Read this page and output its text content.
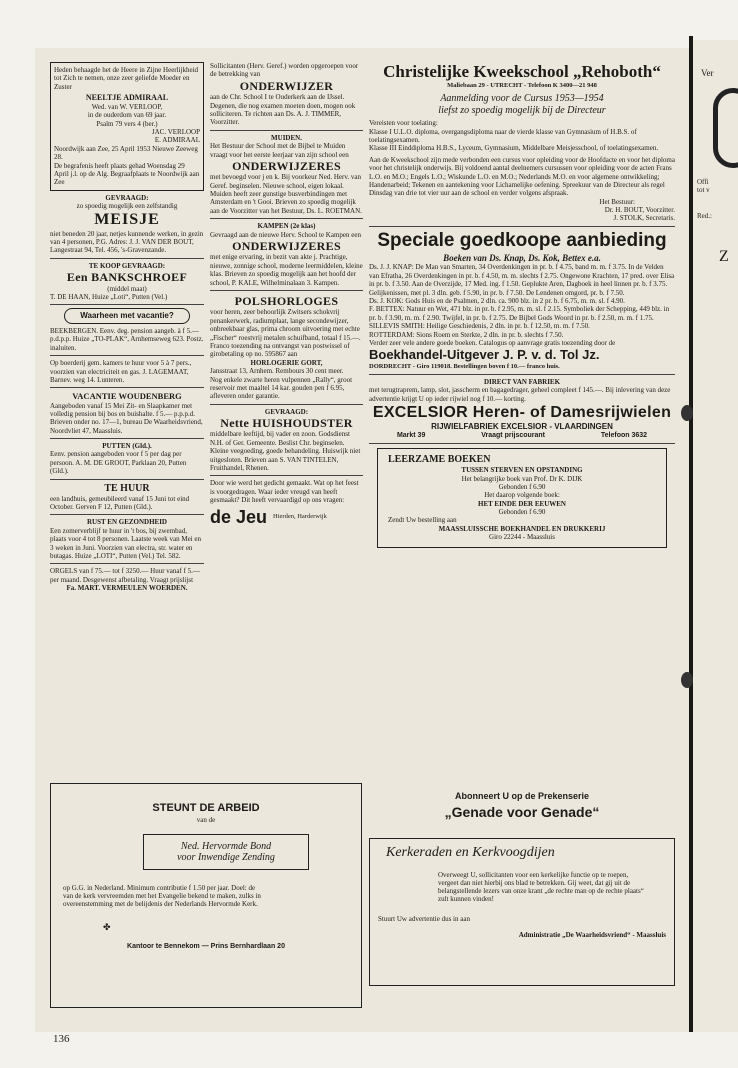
Heden behaagde het de Heere in Zijne Heerlijkheid tot Zich te nemen, onze zeer geliefde Moeder en Zuster
NEELTJE ADMIRAAL
Wed. van W. VERLOOP,
in de ouderdom van 69 jaar.
Psalm 79 vers 4 (ber.)
JAC. VERLOOP
E. ADMIRAAL
Noordwijk aan Zee, 25 April 1953 Nieuwe Zeeweg 28.
De begrafenis heeft plaats gehad Woensdag 29 April j.l. op de Alg. Begraafplaats te Noordwijk aan Zee
GEVRAAGD:
zo spoedig mogelijk een zelfstandig
MEISJE
niet beneden 20 jaar, netjes kunnende werken, in gezin van 4 personen, P.G. Adres: J. J. VAN DER BOUT, Langestraat 94, Tel. 456, 's-Gravenzande.
TE KOOP GEVRAAGD:
Een BANKSCHROEF
(middel maat)
T. DE HAAN, Huize „Loti“, Putten (Vel.)
Waarheen met vacantie?
BEEKBERGEN. Eenv. deg. pension aangeb. à f 5.— p.d.p.p. Huize „TO-PLAK“, Arnhemseweg 623. Postz. inaluiten.
Op boerderij gem. kamers te huur voor 5 à 7 pers., voorzien van electriciteit en gas. J. LAGEMAAT, Barnev. weg 14. Lunteren.
VACANTIE WOUDENBERG
Aangeboden vanaf 15 Mei Zit- en Slaapkamer met volledig pension bij bos en buishalte. f 5.— p.p.p.d. Brieven onder no. 17—1, bureau De Waarheidsvriend, Noordvliet 47, Maassluis.
PUTTEN (Gld.).
Eenv. pension aangeboden voor f 5 per dag per persoon. A. M. DE GROOT, Parklaan 20, Putten (Gld.).
TE HUUR
een landhuis, gemeubileerd vanaf 15 Juni tot eind October. Gerven F 12, Putten (Gld.).
RUST EN GEZONDHEID
Een zomerverblijf te huur in 't bos, bij zwembad, plaats voor 4 tot 8 personen. Laatste week van Mei en 3 weken in Juni. Voorzien van electra, str. water en butagas. Huize „LOTI“, Putten (Vel.) Tel. 582.
ORGELS van f 75.— tot f 3250.— Huur vanaf f 5.— per maand. Desgewenst afbetaling. Vraagt prijslijst
Fa. MART. VERMEULEN WOERDEN.
Sollicitanten (Herv. Geref.) worden opgeroepen voor de betrekking van
ONDERWIJZER
aan de Chr. School I te Ouderkerk aan de IJssel. Degenen, die nog examen moeten doen, mogen ook solliciteren. Te richten aan Ds. A. J. TIMMER, Voorzitter.
MUIDEN.
Het Bestuur der School met de Bijbel te Muiden vraagt voor het eerste leerjaar van zijn school een
ONDERWIJZERES
met bevoegd voor j en k. Bij voorkeur Ned. Herv. van Geref. beginselen. Nieuwe school, eigen lokaal. Muiden heeft zeer gunstige busverbindingen met Amsterdam en 't Gooi. Brieven zo spoedig mogelijk aan de Voorzitter van het Bestuur, Ds. L. ROETMAN.
KAMPEN (2e klas)
Gevraagd aan de nieuwe Herv. School te Kampen een
ONDERWIJZERES
met enige ervaring, in bezit van akte j. Prachtige, nieuwe, zonnige school, moderne leermiddelen, kleine klas. Brieven zo spoedig mogelijk aan het hoofd der school, P. KALE, Wilhelminalaan 3. Kampen.
POLSHORLOGES
voor heren, zeer behoorlijk Zwitsers schokvrij penankerwerk, radiumplaat, lange secondewijzer, onbreekbaar glas, prima chroom uitvoering met echte „Fischer“ roestvrij metalen schuifband, totaal f 15.—. Franco toezending na ontvangst van postwissel of girobetaling op no. 595867 aan
HORLOGERIE GORT,
Jansstraat 13, Arnhem. Rembours 30 cent meer.
Nog enkele zwarte heren vulpennen „Rally“, groot reservoir met maaltel 14 kar. gouden pen f 6.95, afleveren onder garantie.
GEVRAAGD:
Nette HUISHOUDSTER
middelbare leeftijd, bij vader en zoon. Godsdienst N.H. of Ger. Gemeente. Beslist Chr. beginselen. Kleine veegoeding, goede behandeling. Huiswijk niet uitgesloten. Brieven aan S. VAN TINTELEN, Fruithandel, Rhenen.
Door wie werd het gedicht gemaakt. Wat op het feest is voorgedragen. Waar ieder vreugd van heeft gesmaakt? Dit heeft vervaardigd op ons vragen:
de Jeu Hierden, Harderwijk
Christelijke Kweekschool „Rehoboth“
Maliebaan 29 - UTRECHT - Telefoon K 3400—21 948
Aanmelding voor de Cursus 1953—1954
liefst zo spoedig mogelijk bij de Directeur
Vereisten voor toelating:
Klasse I U.L.O. diploma, overgangsdiploma naar de vierde klasse van Gymnasium of H.B.S. of toelatingsexamen.
Klasse III Einddiploma H.B.S., Lyceum, Gymnasium, Middelbare Meisjesschool, of toelatingsexamen.
Aan de Kweekschool zijn mede verbonden een cursus voor opleiding voor de Hoofdacte en voor het diploma voor het christelijk onderwijs. Bij voldoend aantal deelnemers cursussen voor opleiding voor de acten Frans L.O. en M.O.; Engels L.O.; Wiskunde L.O. en M.O.; Nederlands M.O. en voor algemene ontwikkeling; Handenarbeid; Tekenen en aantekening voor Lichamelijke oefening. Spreekuur van de Directeur als regel Dinsdag van drie tot vier uur aan de school en verder volgens afspraak.
Het Bestuur:
Dr. H. BOUT, Voorzitter.
J. STOLK, Secretaris.
Speciale goedkoope aanbieding
Boeken van Ds. Knap, Ds. Kok, Bettex e.a.
Ds. J. J. KNAP: De Man van Smarten, 34 Overdenkingen in pr. b. f 4.75, band m. m. f 3.75. In de Velden van Efratha, 26 Overdenkingen in pr. b. f 4.50, m. m. slechts f 2.75. Ongewone Krachten, 17 pred. over Elisa in pr. b. f 3.50. Aan de Overzijde, 17 Med. ing. f 1.50. Geplukte Aren, Dagboek in heel linnen pr. b. f 3.75. Gelijkenissen, met pl. 3 dln. geb. f 5.90, in pr. b. f 7.50. De Lendenen omgord, pr. b. f 7.50.
Ds. J. KOK: Gods Huis en de Psalmen, 2 dln. ca. 900 blz. in 2 pr. b. f 6.75, m. m. sl. f 4.90.
F. BETTEX: Natuur en Wet, 471 blz. in pr. b. f 2.95, m. m. sl. f 2.15. Symboliek der Schepping, 449 blz. in pr. b. f 3.90, m. m. f 2.90. Twijfel, in pr. b. f 2.75. De Bijbel Gods Woord in pr. b. f 2.50, m. m. f 1.75.
SILLEVIS SMITH: Heilige Geschiedenis, 2 dln. in pr. b. f 12.50, m. m. f 7.50.
ROTTERDAM: Sions Roem en Sterkte, 2 dln. in pr. b. slechts f 7.50.
Verder zeer vele andere goede boeken. Catalogus op aanvrage gratis toezending door de
Boekhandel-Uitgever J. P. v. d. Tol Jz.
DORDRECHT - Giro 119018. Bestellingen boven f 10.— franco huis.
DIRECT VAN FABRIEK
met terugtraprem, lamp, slot, jasscherm en bagagedrager, geheel compleet f 145.—. Bij inlevering van deze advertentie krijgt U op ieder rijwiel nog f 10.— korting.
EXCELSIOR Heren- of Damesrijwielen
RIJWIELFABRIEK EXCELSIOR - VLAARDINGEN
Markt 39	Vraagt prijscourant	Telefoon 3632
LEERZAME BOEKEN
TUSSEN STERVEN EN OPSTANDING
Het belangrijke boek van Prof. Dr K. DIJK
Gebonden f 6.90
Het daarop volgende boek:
HET EINDE DER EEUWEN
Gebonden f 6.90
Zendt Uw bestelling aan
MAASSLUISSCHE BOEKHANDEL EN DRUKKERIJ
Giro 22244 - Maassluis
STEUNT DE ARBEID
van de
Ned. Hervormde Bond
voor Inwendige Zending
op G.G. in Nederland. Minimum contributie f 1.50 per jaar. Doel: de van de kerk vervreemden met het Evangelie bekend te maken, zulks in overeenstemming met de belijdenis der Nederlands Hervormde Kerk.
✤
Kantoor te Bennekom — Prins Bernhardlaan 20
Abonneert U op de Prekenserie
„Genade voor Genade“
Kerkeraden en Kerkvoogdijen
Overweegt U, sollicitanten voor een kerkelijke functie op te roepen, vergeet dan niet hierbij ons blad te betrekken. Gij weet, dat gij uit de belangstellende lezers van onze krant „de rechte man op de rechte plaats“ zult kunnen vinden!
Stuurt Uw advertentie dus in aan
Administratie „De Waarheidsvriend“ - Maassluis
136
Ver
Offi
tot v
Red.:
Z
